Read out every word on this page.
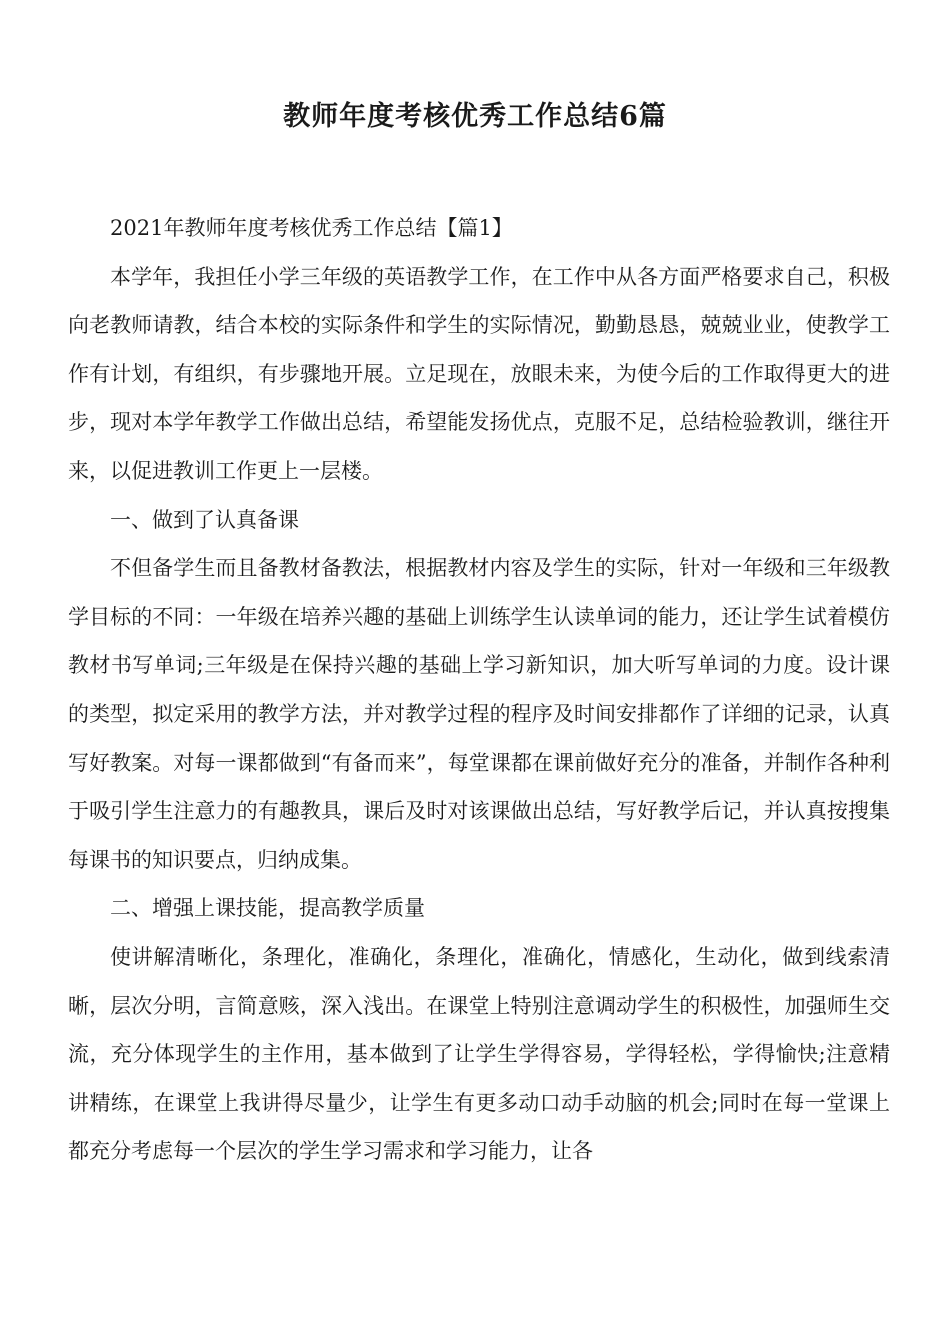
教师年度考核优秀工作总结6篇

2021年教师年度考核优秀工作总结【篇1】

本学年，我担任小学三年级的英语教学工作，在工作中从各方面严格要求自己，积极向老教师请教，结合本校的实际条件和学生的实际情况，勤勤恳恳，兢兢业业，使教学工作有计划，有组织，有步骤地开展。立足现在，放眼未来，为使今后的工作取得更大的进步，现对本学年教学工作做出总结，希望能发扬优点，克服不足，总结检验教训，继往开来，以促进教训工作更上一层楼。

一、做到了认真备课

不但备学生而且备教材备教法，根据教材内容及学生的实际，针对一年级和三年级教学目标的不同：一年级在培养兴趣的基础上训练学生认读单词的能力，还让学生试着模仿教材书写单词;三年级是在保持兴趣的基础上学习新知识，加大听写单词的力度。设计课的类型，拟定采用的教学方法，并对教学过程的程序及时间安排都作了详细的记录，认真写好教案。对每一课都做到“有备而来”，每堂课都在课前做好充分的准备，并制作各种利于吸引学生注意力的有趣教具，课后及时对该课做出总结，写好教学后记，并认真按搜集每课书的知识要点，归纳成集。

二、增强上课技能，提高教学质量

使讲解清晰化，条理化，准确化，条理化，准确化，情感化，生动化，做到线索清晰，层次分明，言简意赅，深入浅出。在课堂上特别注意调动学生的积极性，加强师生交流，充分体现学生的主作用，基本做到了让学生学得容易，学得轻松，学得愉快;注意精讲精练，在课堂上我讲得尽量少，让学生有更多动口动手动脑的机会;同时在每一堂课上都充分考虑每一个层次的学生学习需求和学习能力，让各
